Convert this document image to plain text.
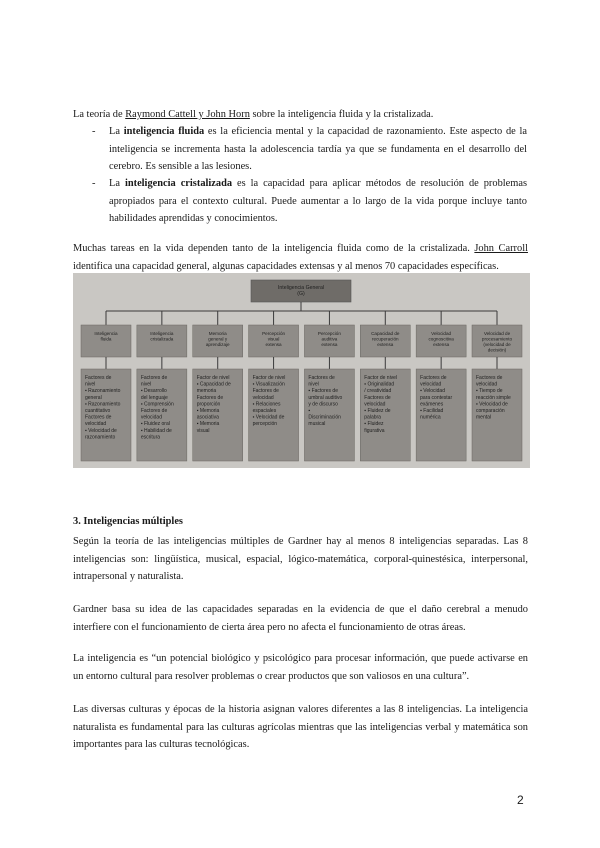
La teoría de Raymond Cattell y John Horn sobre la inteligencia fluida y la cristalizada.
- La inteligencia fluida es la eficiencia mental y la capacidad de razonamiento. Este aspecto de la inteligencia se incrementa hasta la adolescencia tardía ya que se fundamenta en el desarrollo del cerebro. Es sensible a las lesiones.
- La inteligencia cristalizada es la capacidad para aplicar métodos de resolución de problemas apropiados para el contexto cultural. Puede aumentar a lo largo de la vida porque incluye tanto habilidades aprendidas y conocimientos.
Muchas tareas en la vida dependen tanto de la inteligencia fluida como de la cristalizada. John Carroll identifica una capacidad general, algunas capacidades extensas y al menos 70 capacidades específicas.
Inteligencia General (G)
Inteligencia fluida
Factores de nivel ▪ Razonamiento general ▪ Razonamiento cuantitativo Factores de velocidad ▪ Velocidad de razonamiento
Inteligencia cristalizada
Factores de nivel ▪ Desarrollo del lenguaje ▪ Comprensión Factores de velocidad ▪ Fluidez oral ▪ Habilidad de escritura
Memoria general y aprendizaje
Factor de nivel ▪ Capacidad de memoria Factores de proporción ▪ Memoria asociativa ▪ Memoria visual
Percepción visual extensa
Factor de nivel ▪ Visualización Factores de velocidad ▪ Relaciones espaciales ▪ Velocidad de percepción
Percepción auditiva extensa
Factores de nivel ▪ Factores de umbral auditivo y de discurso ▪ Discriminación musical
Capacidad de recuperación extensa
Factor de nivel ▪ Originalidad / creatividad Factores de velocidad ▪ Fluidez de palabra ▪ Fluidez figurativa
Velocidad cognoscitiva extensa
Factores de velocidad ▪ Velocidad para contestar exámenes ▪ Facilidad numérica
Velocidad de procesamiento (velocidad de decisión)
Factores de velocidad ▪ Tiempo de reacción simple ▪ Velocidad de comparación mental
3. Inteligencias múltiples
Según la teoría de las inteligencias múltiples de Gardner hay al menos 8 inteligencias separadas. Las 8 inteligencias son: lingüística, musical, espacial, lógico-matemática, corporal-quinestésica, interpersonal, intrapersonal y naturalista.
Gardner basa su idea de las capacidades separadas en la evidencia de que el daño cerebral a menudo interfiere con el funcionamiento de cierta área pero no afecta el funcionamiento de otras áreas.
La inteligencia es “un potencial biológico y psicológico para procesar información, que puede activarse en un entorno cultural para resolver problemas o crear productos que son valiosos en una cultura”.
Las diversas culturas y épocas de la historia asignan valores diferentes a las 8 inteligencias. La inteligencia naturalista es fundamental para las culturas agrícolas mientras que las inteligencias verbal y matemática son importantes para las culturas tecnológicas.
2
